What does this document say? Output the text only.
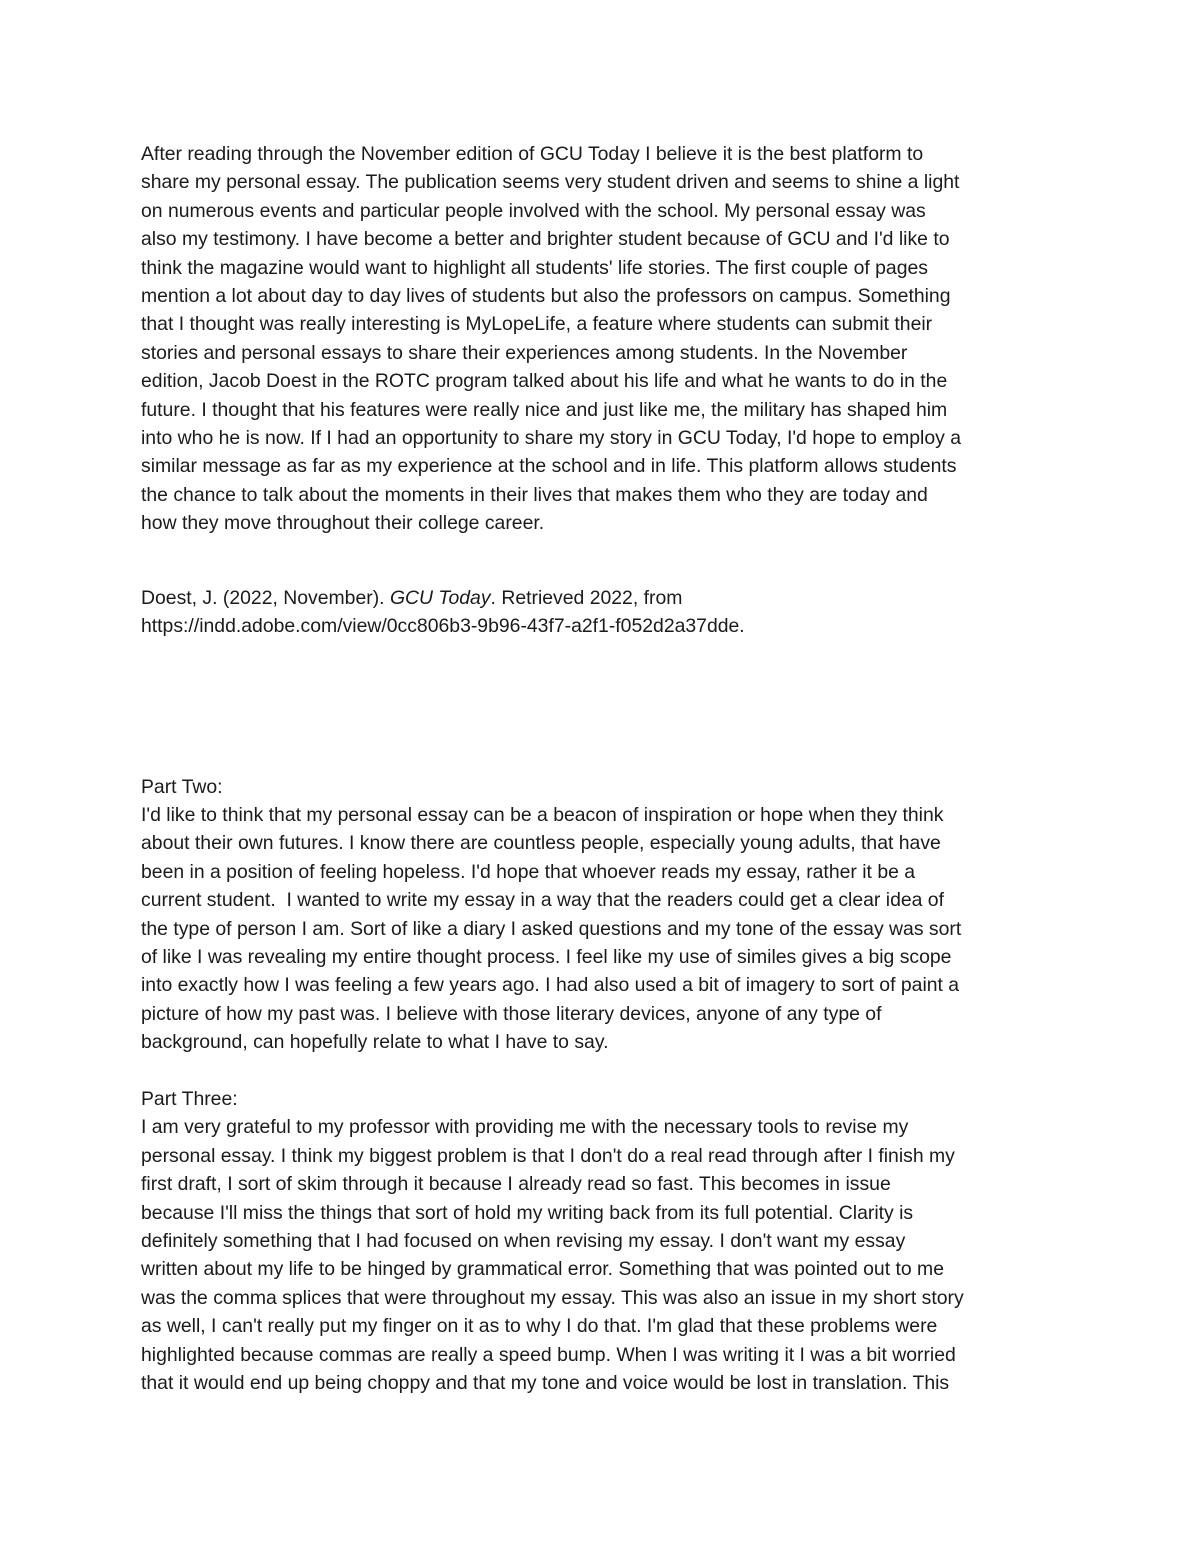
After reading through the November edition of GCU Today I believe it is the best platform to
share my personal essay. The publication seems very student driven and seems to shine a light
on numerous events and particular people involved with the school. My personal essay was
also my testimony. I have become a better and brighter student because of GCU and I'd like to
think the magazine would want to highlight all students' life stories. The first couple of pages
mention a lot about day to day lives of students but also the professors on campus. Something
that I thought was really interesting is MyLopeLife, a feature where students can submit their
stories and personal essays to share their experiences among students. In the November
edition, Jacob Doest in the ROTC program talked about his life and what he wants to do in the
future. I thought that his features were really nice and just like me, the military has shaped him
into who he is now. If I had an opportunity to share my story in GCU Today, I'd hope to employ a
similar message as far as my experience at the school and in life. This platform allows students
the chance to talk about the moments in their lives that makes them who they are today and
how they move throughout their college career.
Doest, J. (2022, November). GCU Today. Retrieved 2022, from
https://indd.adobe.com/view/0cc806b3-9b96-43f7-a2f1-f052d2a37dde.
Part Two:
I'd like to think that my personal essay can be a beacon of inspiration or hope when they think
about their own futures. I know there are countless people, especially young adults, that have
been in a position of feeling hopeless. I'd hope that whoever reads my essay, rather it be a
current student.  I wanted to write my essay in a way that the readers could get a clear idea of
the type of person I am. Sort of like a diary I asked questions and my tone of the essay was sort
of like I was revealing my entire thought process. I feel like my use of similes gives a big scope
into exactly how I was feeling a few years ago. I had also used a bit of imagery to sort of paint a
picture of how my past was. I believe with those literary devices, anyone of any type of
background, can hopefully relate to what I have to say.
Part Three:
I am very grateful to my professor with providing me with the necessary tools to revise my
personal essay. I think my biggest problem is that I don't do a real read through after I finish my
first draft, I sort of skim through it because I already read so fast. This becomes in issue
because I'll miss the things that sort of hold my writing back from its full potential. Clarity is
definitely something that I had focused on when revising my essay. I don't want my essay
written about my life to be hinged by grammatical error. Something that was pointed out to me
was the comma splices that were throughout my essay. This was also an issue in my short story
as well, I can't really put my finger on it as to why I do that. I'm glad that these problems were
highlighted because commas are really a speed bump. When I was writing it I was a bit worried
that it would end up being choppy and that my tone and voice would be lost in translation. This
